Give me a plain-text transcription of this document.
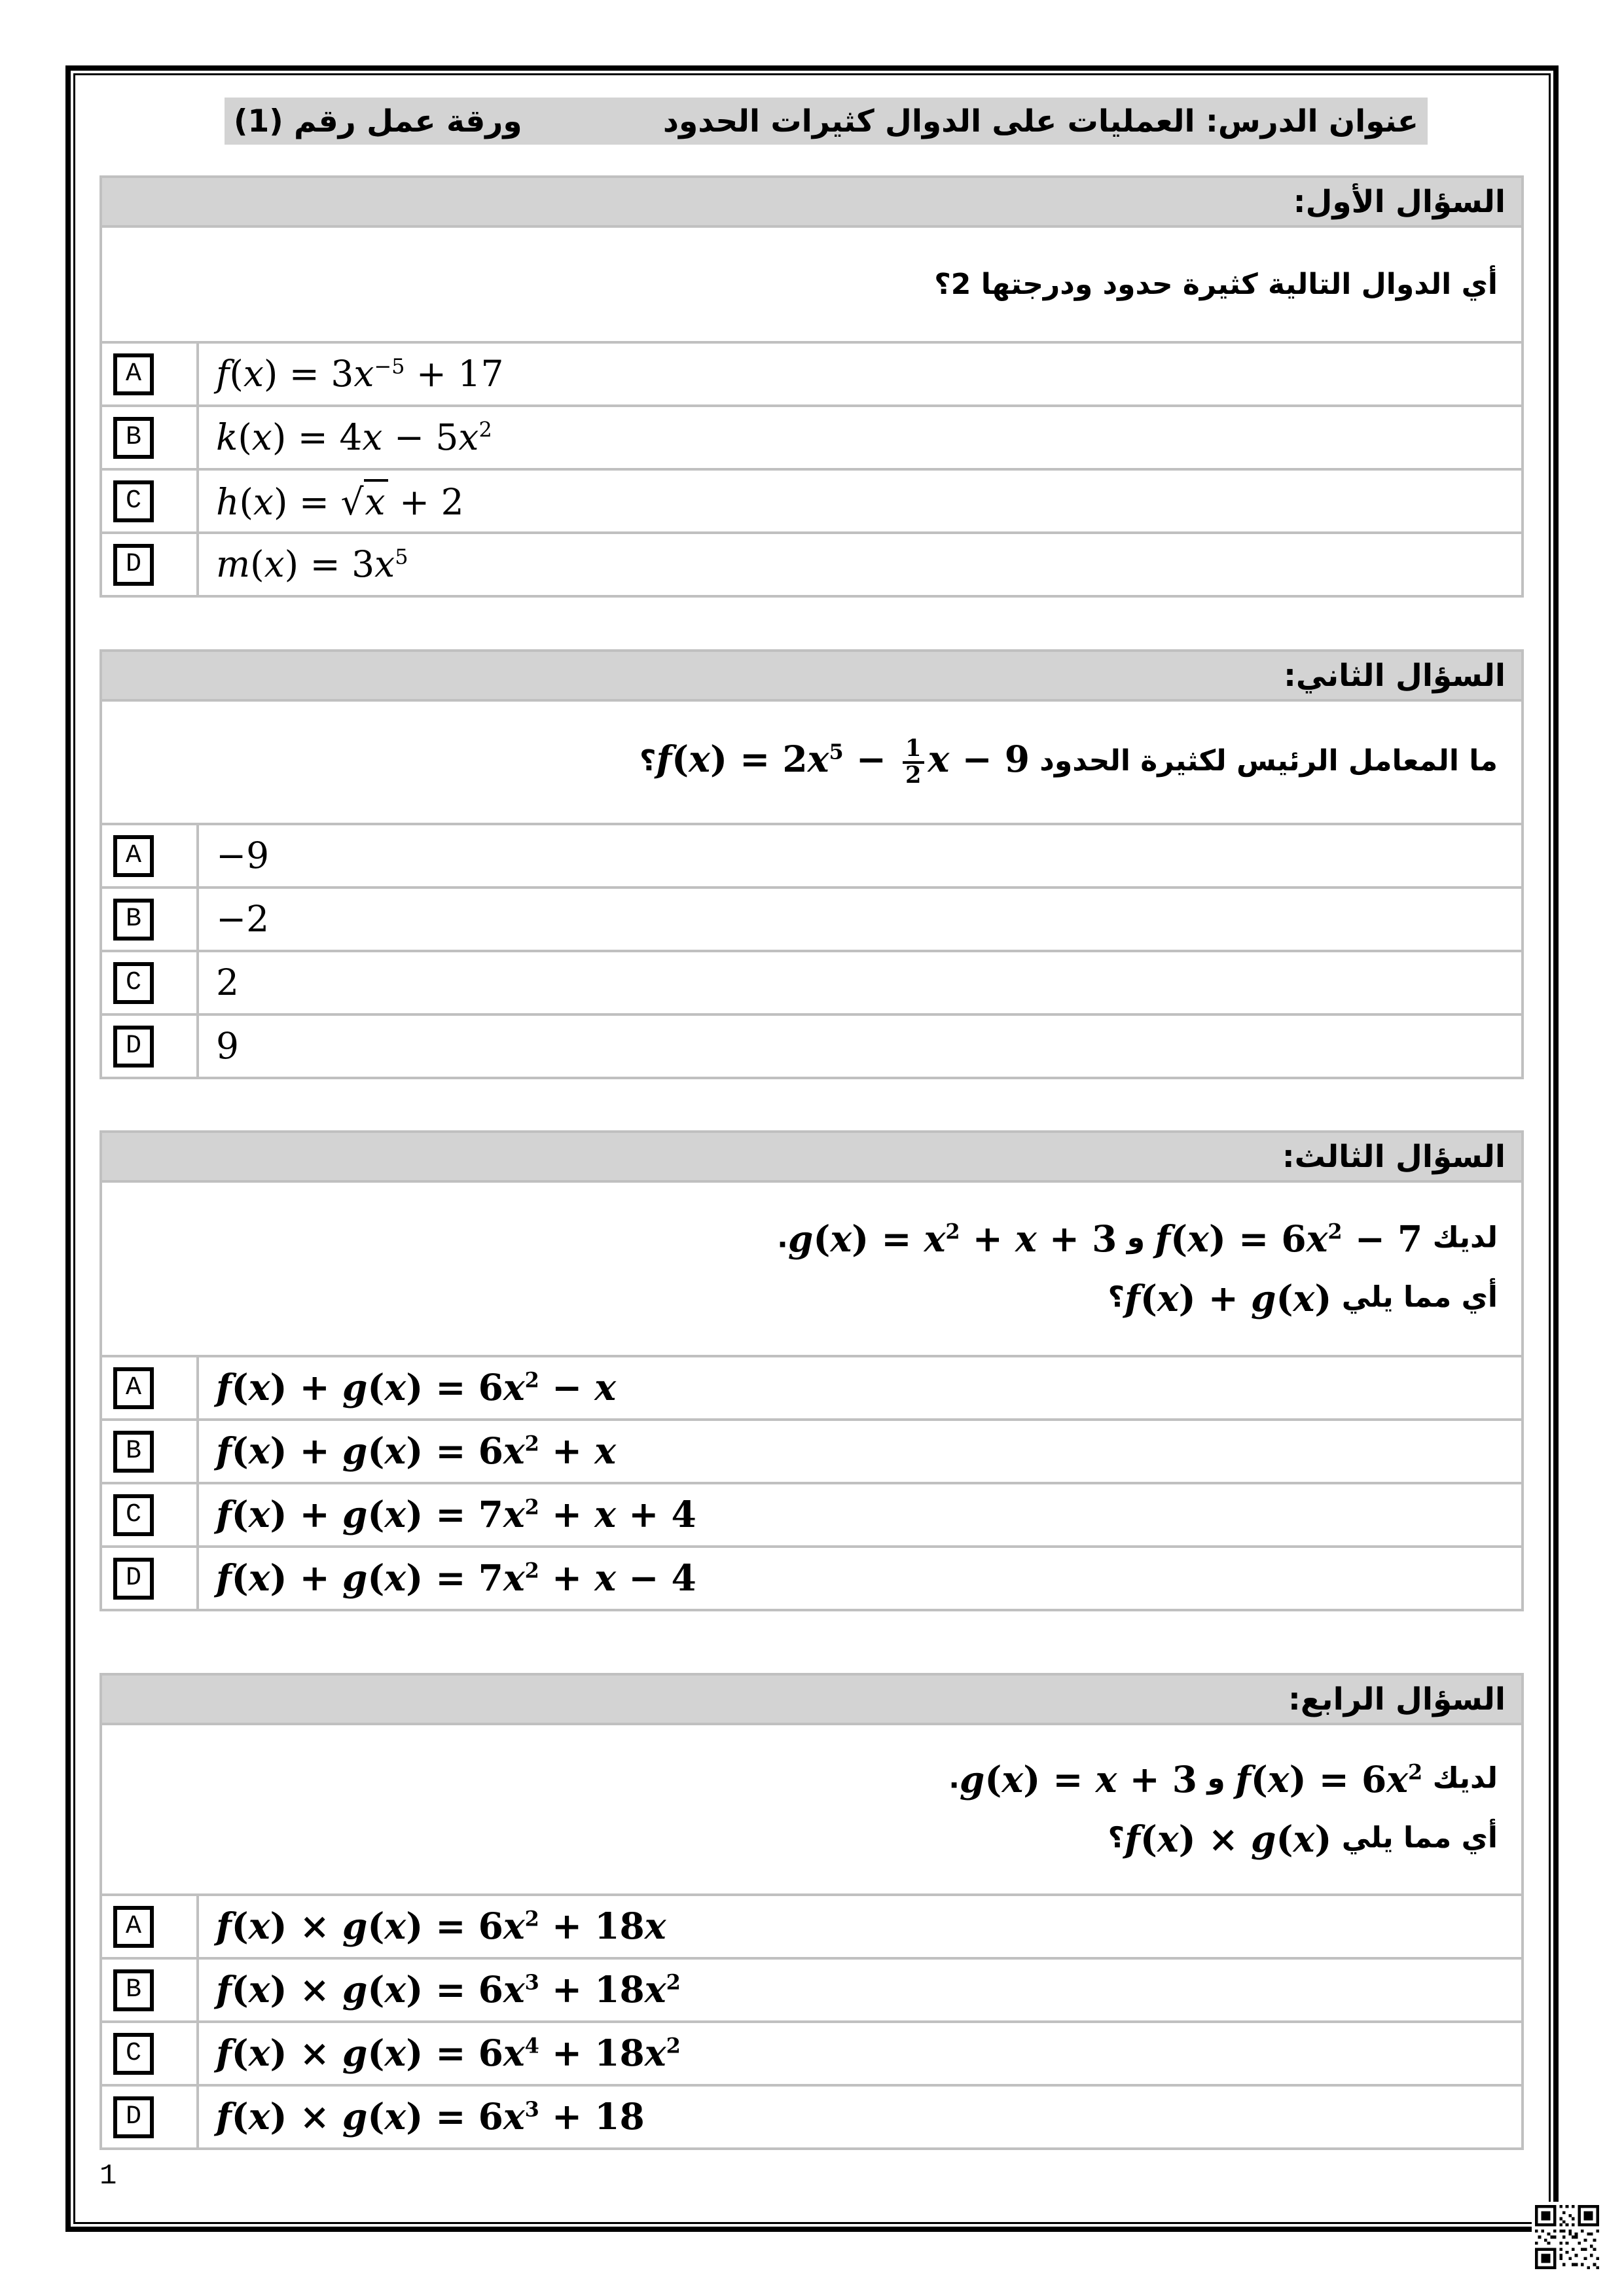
عنوان الدرس: العمليات على الدوال كثيرات الحدود
ورقة عمل رقم (1)
السؤال الأول:
أي الدوال التالية كثيرة حدود ودرجتها 2؟
A	$f(x) = 3x^{-5} + 17$
B	$k(x) = 4x - 5x^2$
C	h(x) = √x + 2
D	$m(x) = 3x^5$
السؤال الثاني:
ما المعامل الرئيس لكثيرة الحدود $f(x) = 2x^5 - \frac{1}{2}$ x − 9؟
A	−9
B	−2
C	2
D	9
السؤال الثالث:
لديك $f(x) = 6x^2 - 7$ و $g(x) = x^2 + x + 3$.
أي مما يلي f(x) + g(x)؟
A	$f(x) + g(x) = 6x^2 - x$
B	$f(x) + g(x) = 6x^2 + x$
C	$f(x) + g(x) = 7x^2 + x + 4$
D	$f(x) + g(x) = 7x^2 + x - 4$
السؤال الرابع:
لديك $f(x) = 6x^2$ و g(x) = x + 3.
أي مما يلي f(x) × g(x)؟
A	$f(x) \times g(x) = 6x^2 + 18x$
B	$f(x) \times g(x) = 6x^3 + 18x^2$
C	$f(x) \times g(x) = 6x^4 + 18x^2$
D	$f(x) \times g(x) = 6x^3 + 18$
1
